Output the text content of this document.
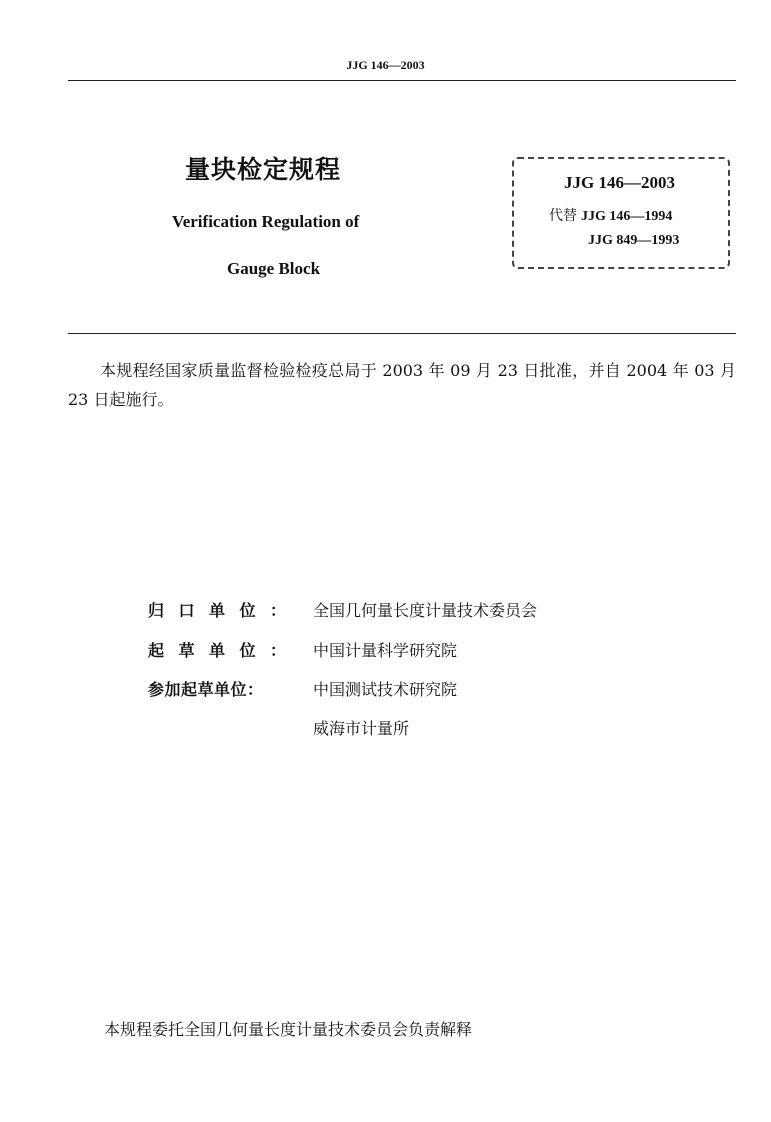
JJG 146—2003
量块检定规程
Verification Regulation of
Gauge Block
JJG 146—2003
代替 JJG 146—1994
JJG 849—1993
本规程经国家质量监督检验检疫总局于 2003 年 09 月 23 日批准，并自 2004 年 03 月 23 日起施行。
归 口 单 位 ： 全国几何量长度计量技术委员会
起 草 单 位 ： 中国计量科学研究院
参加起草单位：	中国测试技术研究院
威海市计量所
本规程委托全国几何量长度计量技术委员会负责解释
